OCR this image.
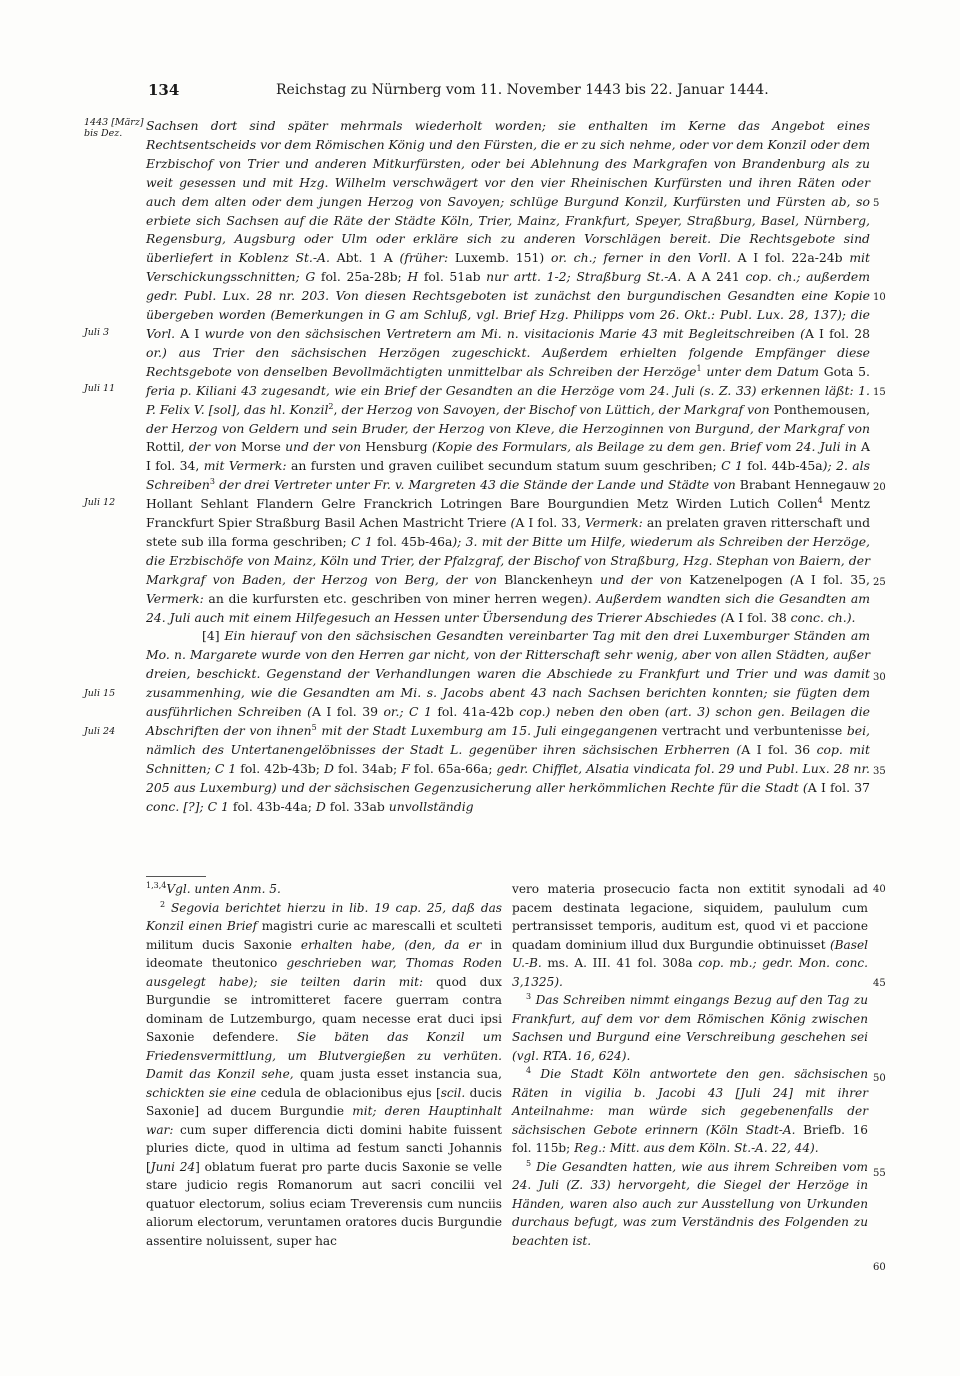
134	Reichstag zu Nürnberg vom 11. November 1443 bis 22. Januar 1444.
1443 [März] bis Dez.
Juli 3
Juli 11
Juli 12
Juli 15
Juli 24
5
10
15
20
25
30
35
40
45
50
55
60

Sachsen dort sind später mehrmals wiederholt worden; sie enthalten im Kerne das Angebot eines Rechtsentscheids vor dem Römischen König und den Fürsten, die er zu sich nehme, oder vor dem Konzil oder dem Erzbischof von Trier und anderen Mitkurfürsten, oder bei Ablehnung des Markgrafen von Brandenburg als zu weit gesessen und mit Hzg. Wilhelm verschwägert vor den vier Rheinischen Kurfürsten und ihren Räten oder auch dem alten oder dem jungen Herzog von Savoyen; schlüge Burgund Konzil, Kurfürsten und Fürsten ab, so erbiete sich Sachsen auf die Räte der Städte Köln, Trier, Mainz, Frankfurt, Speyer, Straßburg, Basel, Nürnberg, Regensburg, Augsburg oder Ulm oder erkläre sich zu anderen Vorschlägen bereit. Die Rechtsgebote sind überliefert in Koblenz St.-A. Abt. 1 A (früher: Luxemb. 151) or. ch.; ferner in den Vorll. A I fol. 22a-24b mit Verschickungsschnitten; G fol. 25a-28b; H fol. 51ab nur artt. 1-2; Straßburg St.-A. A A 241 cop. ch.; außerdem gedr. Publ. Lux. 28 nr. 203. Von diesen Rechtsgeboten ist zunächst den burgundischen Gesandten eine Kopie übergeben worden (Bemerkungen in G am Schluß, vgl. Brief Hzg. Philipps vom 26. Okt.: Publ. Lux. 28, 137); die Vorl. A I wurde von den sächsischen Vertretern am Mi. n. visitacionis Marie 43 mit Begleitschreiben (A I fol. 28 or.) aus Trier den sächsischen Herzögen zugeschickt. Außerdem erhielten folgende Empfänger diese Rechtsgebote von denselben Bevollmächtigten unmittelbar als Schreiben der Herzöge$^1$ unter dem Datum Gota 5. feria p. Kiliani 43 zugesandt, wie ein Brief der Gesandten an die Herzöge vom 24. Juli (s. Z. 33) erkennen läßt: 1. P. Felix V. [sol], das hl. Konzil$^2$, der Herzog von Savoyen, der Bischof von Lüttich, der Markgraf von Ponthemousen, der Herzog von Geldern und sein Bruder, der Herzog von Kleve, die Herzoginnen von Burgund, der Markgraf von Rottil, der von Morse und der von Hensburg (Kopie des Formulars, als Beilage zu dem gen. Brief vom 24. Juli in A I fol. 34, mit Vermerk: an fursten und graven cuilibet secundum statum suum geschriben; C 1 fol. 44b-45a); 2. als Schreiben$^3$ der drei Vertreter unter Fr. v. Margreten 43 die Stände der Lande und Städte von Brabant Hennegauw Hollant Sehlant Flandern Gelre Franckrich Lotringen Bare Bourgundien Metz Wirden Lutich Collen$^4$ Mentz Franckfurt Spier Straßburg Basil Achen Mastricht Triere (A I fol. 33, Vermerk: an prelaten graven ritterschaft und stete sub illa forma geschriben; C 1 fol. 45b-46a); 3. mit der Bitte um Hilfe, wiederum als Schreiben der Herzöge, die Erzbischöfe von Mainz, Köln und Trier, der Pfalzgraf, der Bischof von Straßburg, Hzg. Stephan von Baiern, der Markgraf von Baden, der Herzog von Berg, der von Blanckenheyn und der von Katzenelpogen (A I fol. 35, Vermerk: an die kurfursten etc. geschriben von miner herren wegen). Außerdem wandten sich die Gesandten am 24. Juli auch mit einem Hilfegesuch an Hessen unter Übersendung des Trierer Abschiedes (A I fol. 38 conc. ch.).

[4] Ein hierauf von den sächsischen Gesandten vereinbarter Tag mit den drei Luxemburger Ständen am Mo. n. Margarete wurde von den Herren gar nicht, von der Ritterschaft sehr wenig, aber von allen Städten, außer dreien, beschickt. Gegenstand der Verhandlungen waren die Abschiede zu Frankfurt und Trier und was damit zusammenhing, wie die Gesandten am Mi. s. Jacobs abent 43 nach Sachsen berichten konnten; sie fügten dem ausführlichen Schreiben (A I fol. 39 or.; C 1 fol. 41a-42b cop.) neben den oben (art. 3) schon gen. Beilagen die Abschriften der von ihnen$^5$ mit der Stadt Luxemburg am 15. Juli eingegangenen vertracht und verbuntenisse bei, nämlich des Untertanengelöbnisses der Stadt L. gegenüber ihren sächsischen Erbherren (A I fol. 36 cop. mit Schnitten; C 1 fol. 42b-43b; D fol. 34ab; F fol. 65a-66a; gedr. Chifflet, Alsatia vindicata fol. 29 und Publ. Lux. 28 nr. 205 aus Luxemburg) und der sächsischen Gegenzusicherung aller herkömmlichen Rechte für die Stadt (A I fol. 37 conc. [?]; C 1 fol. 43b-44a; D fol. 33ab unvollständig

$^{1,3,4}$Vgl. unten Anm. 5.

$^2$ Segovia berichtet hierzu in lib. 19 cap. 25, daß das Konzil einen Brief magistri curie ac marescalli et sculteti militum ducis Saxonie erhalten habe, (den, da er in ideomate theutonico geschrieben war, Thomas Roden ausgelegt habe); sie teilten darin mit: quod dux Burgundie se intromitteret facere guerram contra dominam de Lutzemburgo, quam necesse erat duci ipsi Saxonie defendere. Sie bäten das Konzil um Friedensvermittlung, um Blutvergießen zu verhüten. Damit das Konzil sehe, quam justa esset instancia sua, schickten sie eine cedula de oblacionibus ejus [scil. ducis Saxonie] ad ducem Burgundie mit; deren Hauptinhalt war: cum super differencia dicti domini habite fuissent pluries dicte, quod in ultima ad festum sancti Johannis [Juni 24] oblatum fuerat pro parte ducis Saxonie se velle stare judicio regis Romanorum aut sacri concilii vel quatuor electorum, solius eciam Treverensis cum nunciis aliorum electorum, veruntamen oratores ducis Burgundie assentire noluissent, super hac

vero materia prosecucio facta non extitit synodali ad pacem destinata legacione, siquidem, paululum cum pertransisset temporis, auditum est, quod vi et paccione quadam dominium illud dux Burgundie obtinuisset (Basel U.-B. ms. A. III. 41 fol. 308a cop. mb.; gedr. Mon. conc. 3,1325).

$^3$ Das Schreiben nimmt eingangs Bezug auf den Tag zu Frankfurt, auf dem vor dem Römischen König zwischen Sachsen und Burgund eine Verschreibung geschehen sei (vgl. RTA. 16, 624).

$^4$ Die Stadt Köln antwortete den gen. sächsischen Räten in vigilia b. Jacobi 43 [Juli 24] mit ihrer Anteilnahme: man würde sich gegebenenfalls der sächsischen Gebote erinnern (Köln Stadt-A. Briefb. 16 fol. 115b; Reg.: Mitt. aus dem Köln. St.-A. 22, 44).

$^5$ Die Gesandten hatten, wie aus ihrem Schreiben vom 24. Juli (Z. 33) hervorgeht, die Siegel der Herzöge in Händen, waren also auch zur Ausstellung von Urkunden durchaus befugt, was zum Verständnis des Folgenden zu beachten ist.
